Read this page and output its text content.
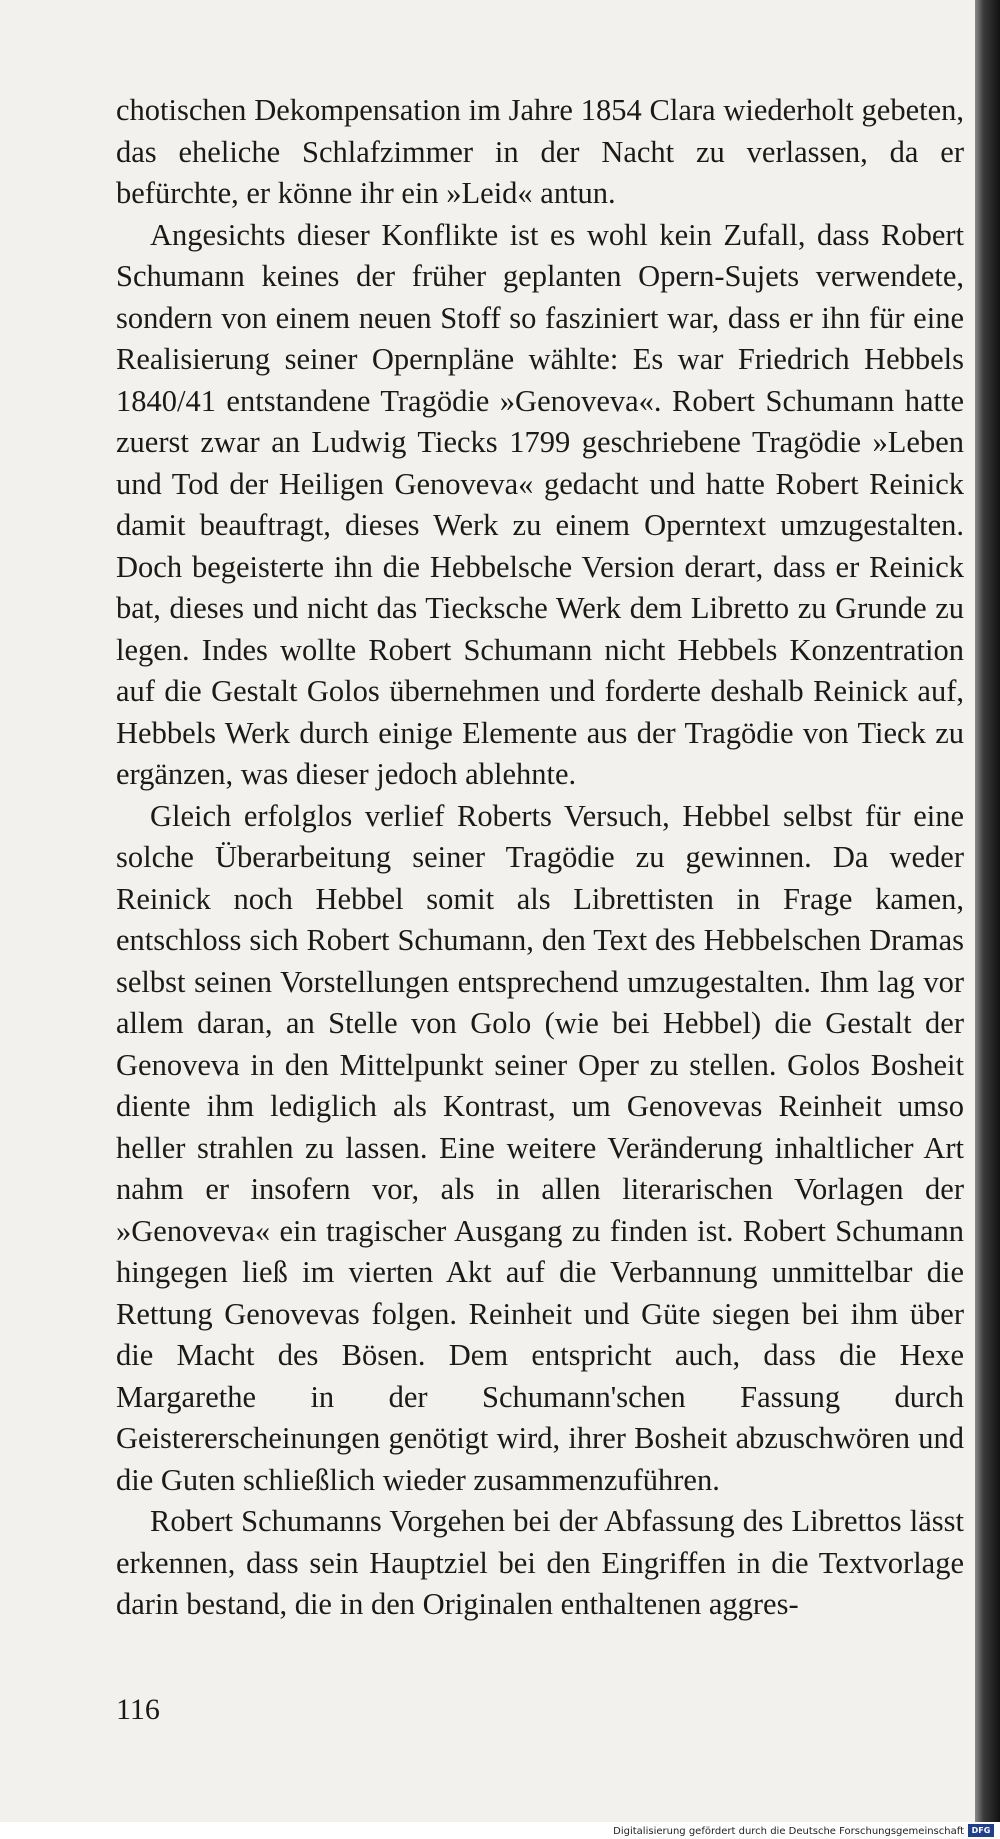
chotischen Dekompensation im Jahre 1854 Clara wiederholt gebeten, das eheliche Schlafzimmer in der Nacht zu verlassen, da er befürchte, er könne ihr ein »Leid« antun.

Angesichts dieser Konflikte ist es wohl kein Zufall, dass Robert Schumann keines der früher geplanten Opern-Sujets verwendete, sondern von einem neuen Stoff so fasziniert war, dass er ihn für eine Realisierung seiner Opernpläne wählte: Es war Friedrich Hebbels 1840/41 entstandene Tragödie »Genoveva«. Robert Schumann hatte zuerst zwar an Ludwig Tiecks 1799 geschriebene Tragödie »Leben und Tod der Heiligen Genoveva« gedacht und hatte Robert Reinick damit beauftragt, dieses Werk zu einem Operntext umzugestalten. Doch begeisterte ihn die Hebbelsche Version derart, dass er Reinick bat, dieses und nicht das Tiecksche Werk dem Libretto zu Grunde zu legen. Indes wollte Robert Schumann nicht Hebbels Konzentration auf die Gestalt Golos übernehmen und forderte deshalb Reinick auf, Hebbels Werk durch einige Elemente aus der Tragödie von Tieck zu ergänzen, was dieser jedoch ablehnte.

Gleich erfolglos verlief Roberts Versuch, Hebbel selbst für eine solche Überarbeitung seiner Tragödie zu gewinnen. Da weder Reinick noch Hebbel somit als Librettisten in Frage kamen, entschloss sich Robert Schumann, den Text des Hebbelschen Dramas selbst seinen Vorstellungen entsprechend umzugestalten. Ihm lag vor allem daran, an Stelle von Golo (wie bei Hebbel) die Gestalt der Genoveva in den Mittelpunkt seiner Oper zu stellen. Golos Bosheit diente ihm lediglich als Kontrast, um Genovevas Reinheit umso heller strahlen zu lassen. Eine weitere Veränderung inhaltlicher Art nahm er insofern vor, als in allen literarischen Vorlagen der »Genoveva« ein tragischer Ausgang zu finden ist. Robert Schumann hingegen ließ im vierten Akt auf die Verbannung unmittelbar die Rettung Genovevas folgen. Reinheit und Güte siegen bei ihm über die Macht des Bösen. Dem entspricht auch, dass die Hexe Margarethe in der Schumann'schen Fassung durch Geistererscheinungen genötigt wird, ihrer Bosheit abzuschwören und die Guten schließlich wieder zusammenzuführen.

Robert Schumanns Vorgehen bei der Abfassung des Librettos lässt erkennen, dass sein Hauptziel bei den Eingriffen in die Textvorlage darin bestand, die in den Originalen enthaltenen aggres-

116
Digitalisierung gefördert durch die Deutsche Forschungsgemeinschaft DFG
